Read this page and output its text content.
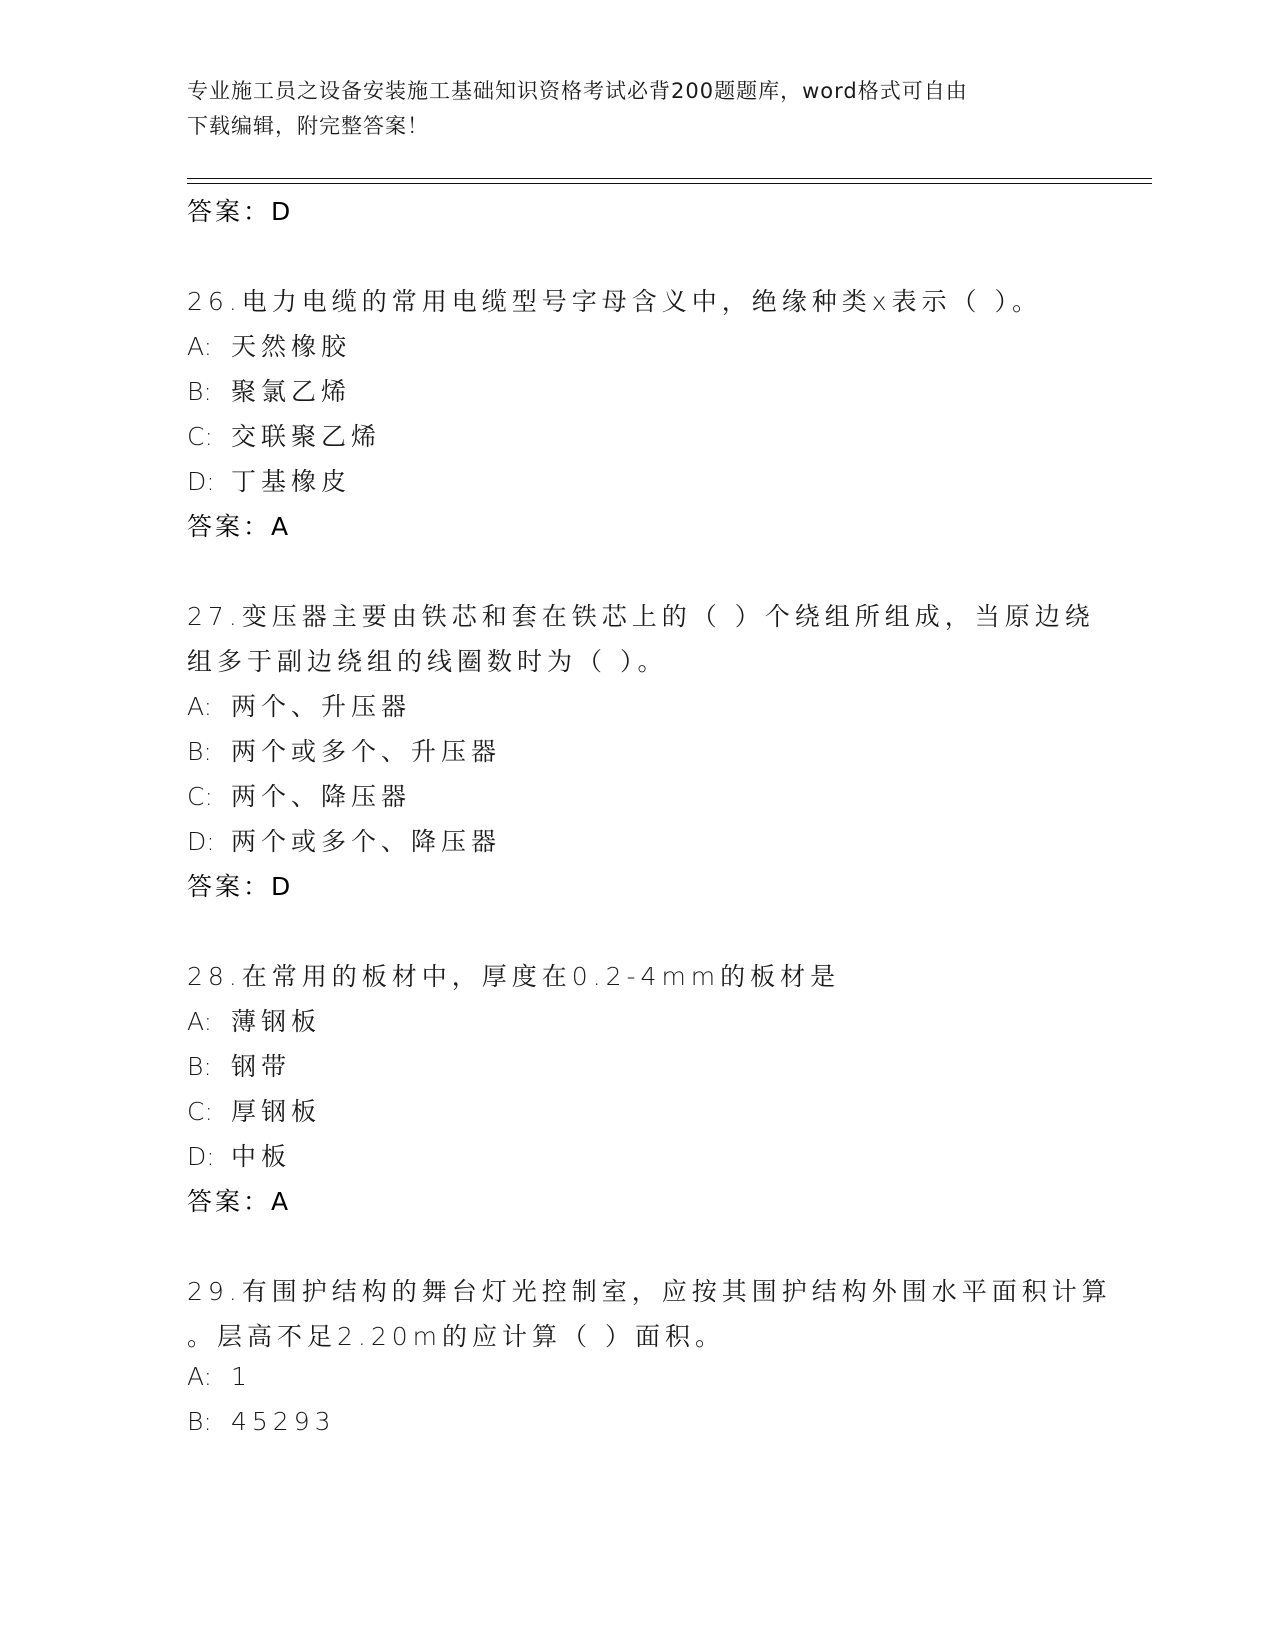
专业施工员之设备安装施工基础知识资格考试必背200题题库，word格式可自由
下载编辑，附完整答案！
答案：D
26.电力电缆的常用电缆型号字母含义中，绝缘种类x表示（ ）。
A: 天然橡胶
B: 聚氯乙烯
C: 交联聚乙烯
D: 丁基橡皮
答案：A
27.变压器主要由铁芯和套在铁芯上的（ ）个绕组所组成，当原边绕
组多于副边绕组的线圈数时为（ ）。
A: 两个、升压器
B: 两个或多个、升压器
C: 两个、降压器
D: 两个或多个、降压器
答案：D
28.在常用的板材中，厚度在0.2-4mm的板材是
A: 薄钢板
B: 钢带
C: 厚钢板
D: 中板
答案：A
29.有围护结构的舞台灯光控制室，应按其围护结构外围水平面积计算
。层高不足2.20m的应计算（ ）面积。
A: 1
B: 45293
